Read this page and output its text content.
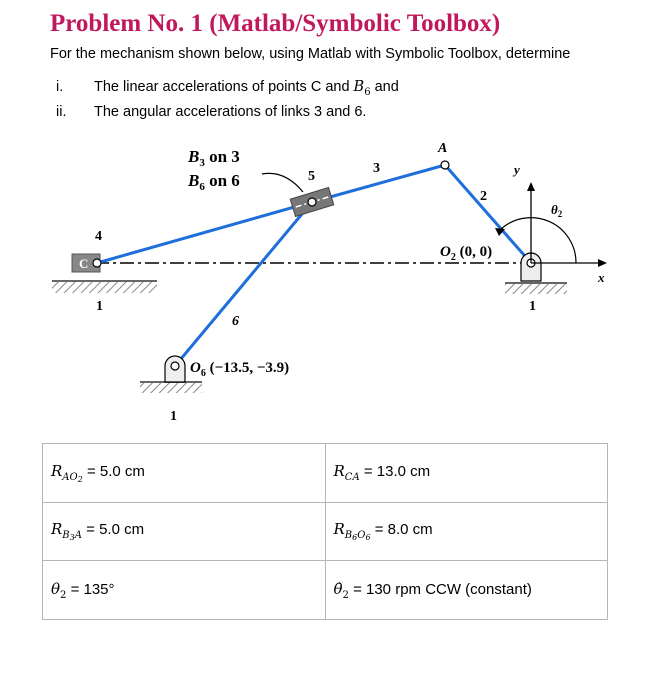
Problem No. 1 (Matlab/Symbolic Toolbox)
For the mechanism shown below, using Matlab with Symbolic Toolbox, determine
i. The linear accelerations of points C and $B_6$ and
ii. The angular accelerations of links 3 and 6.
$B_3$ on 3
$B_6$ on 6	5
3
2
4
6
1
1
1
A
C
$O_2$ (0, 0)
$O_6$ (−13.5, −3.9)
y
x
$\theta_2$
$R_{AO_2} = 5.0$ cm	$R_{CA} = 13.0$ cm
$R_{B_3A} = 5.0$ cm	$R_{B_6O_6} = 8.0$ cm
$\theta_2 = 135^\circ$	$\thetȧ_2 = 130$ rpm CCW (constant)
